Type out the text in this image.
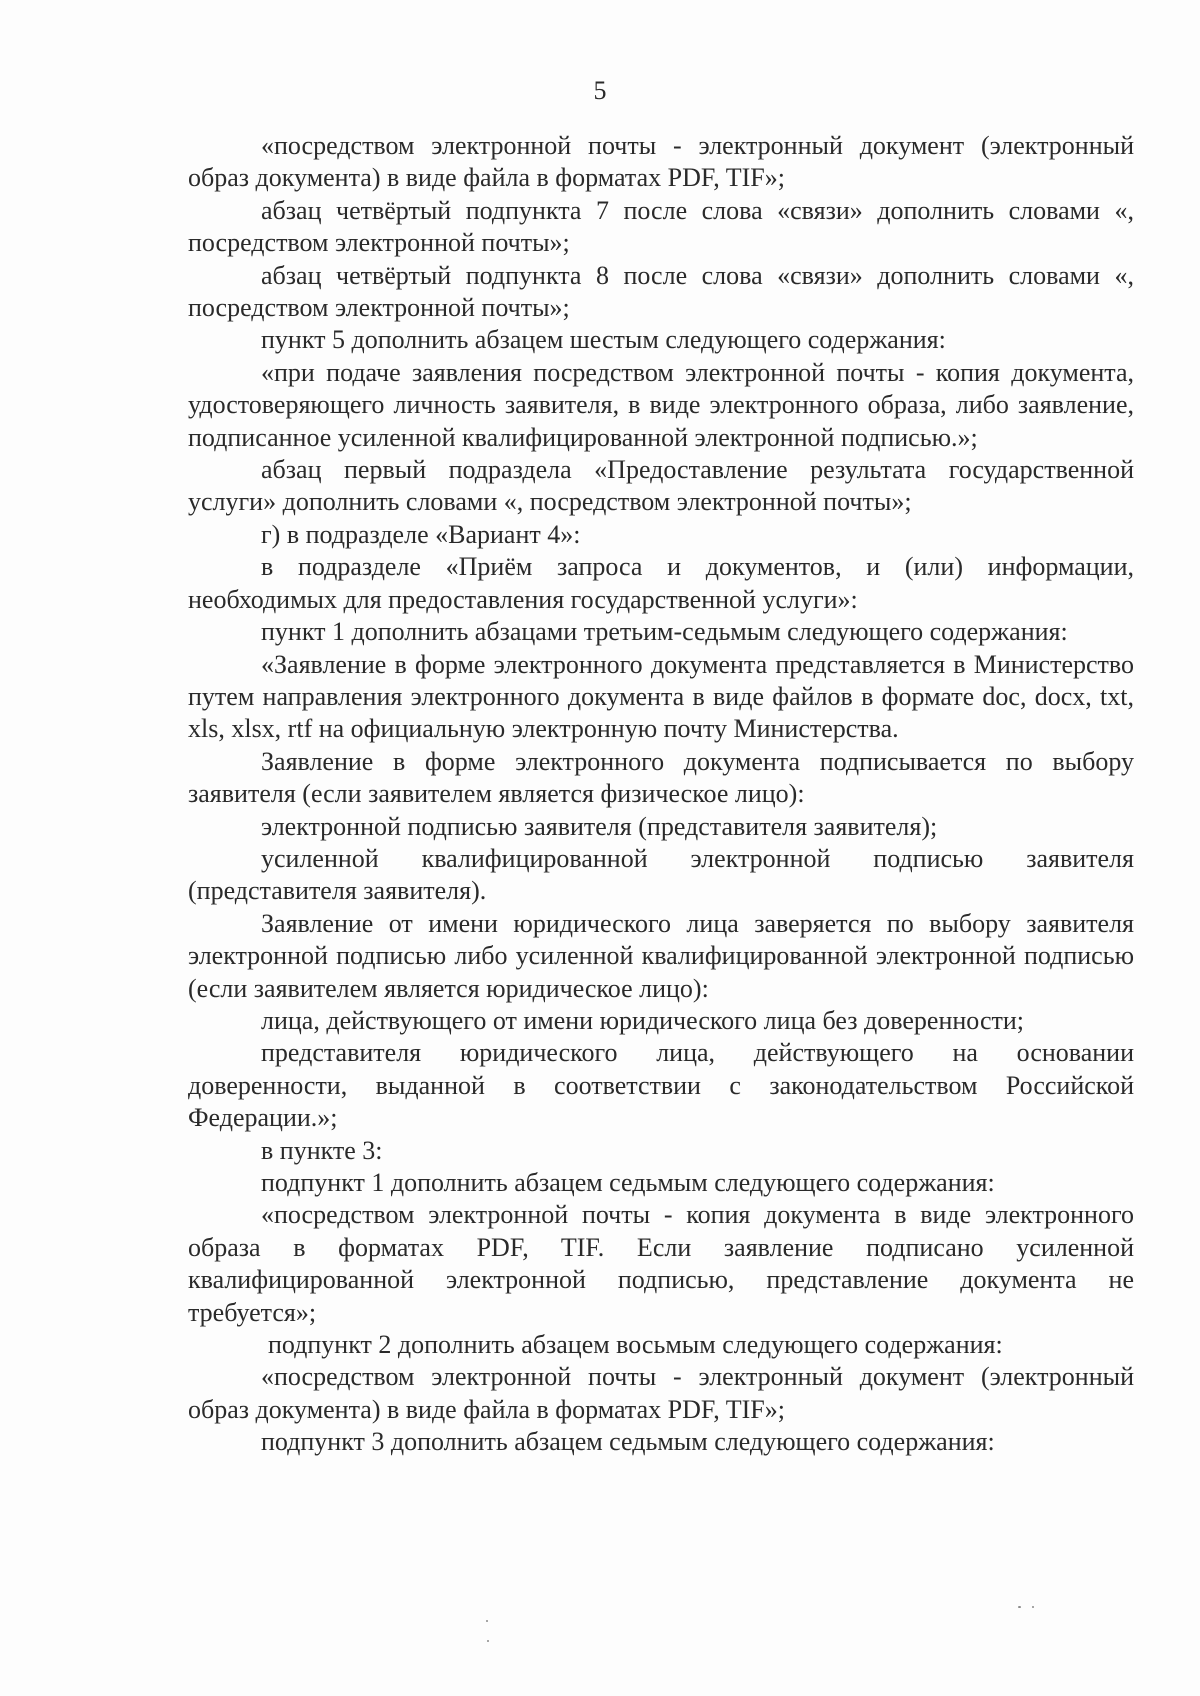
5

«посредством электронной почты - электронный документ (электронный образ документа) в виде файла в форматах PDF, TIF»;

абзац четвёртый подпункта 7 после слова «связи» дополнить словами «, посредством электронной почты»;

абзац четвёртый подпункта 8 после слова «связи» дополнить словами «, посредством электронной почты»;

пункт 5 дополнить абзацем шестым следующего содержания:

«при подаче заявления посредством электронной почты - копия документа, удостоверяющего личность заявителя, в виде электронного образа, либо заявление, подписанное усиленной квалифицированной электронной подписью.»;

абзац первый подраздела «Предоставление результата государственной услуги» дополнить словами «, посредством электронной почты»;

г) в подразделе «Вариант 4»:

в подразделе «Приём запроса и документов, и (или) информации, необходимых для предоставления государственной услуги»:

пункт 1 дополнить абзацами третьим-седьмым следующего содержания:

«Заявление в форме электронного документа представляется в Министерство путем направления электронного документа в виде файлов в формате doc, docx, txt, xls, xlsx, rtf на официальную электронную почту Министерства.

Заявление в форме электронного документа подписывается по выбору заявителя (если заявителем является физическое лицо):

электронной подписью заявителя (представителя заявителя);

усиленной квалифицированной электронной подписью заявителя (представителя заявителя).

Заявление от имени юридического лица заверяется по выбору заявителя электронной подписью либо усиленной квалифицированной электронной подписью (если заявителем является юридическое лицо):

лица, действующего от имени юридического лица без доверенности;

представителя юридического лица, действующего на основании доверенности, выданной в соответствии с законодательством Российской Федерации.»;

в пункте 3:

подпункт 1 дополнить абзацем седьмым следующего содержания:

«посредством электронной почты - копия документа в виде электронного образа в форматах PDF, TIF. Если заявление подписано усиленной квалифицированной электронной подписью, представление документа не требуется»;

подпункт 2 дополнить абзацем восьмым следующего содержания:

«посредством электронной почты - электронный документ (электронный образ документа) в виде файла в форматах PDF, TIF»;

подпункт 3 дополнить абзацем седьмым следующего содержания:
